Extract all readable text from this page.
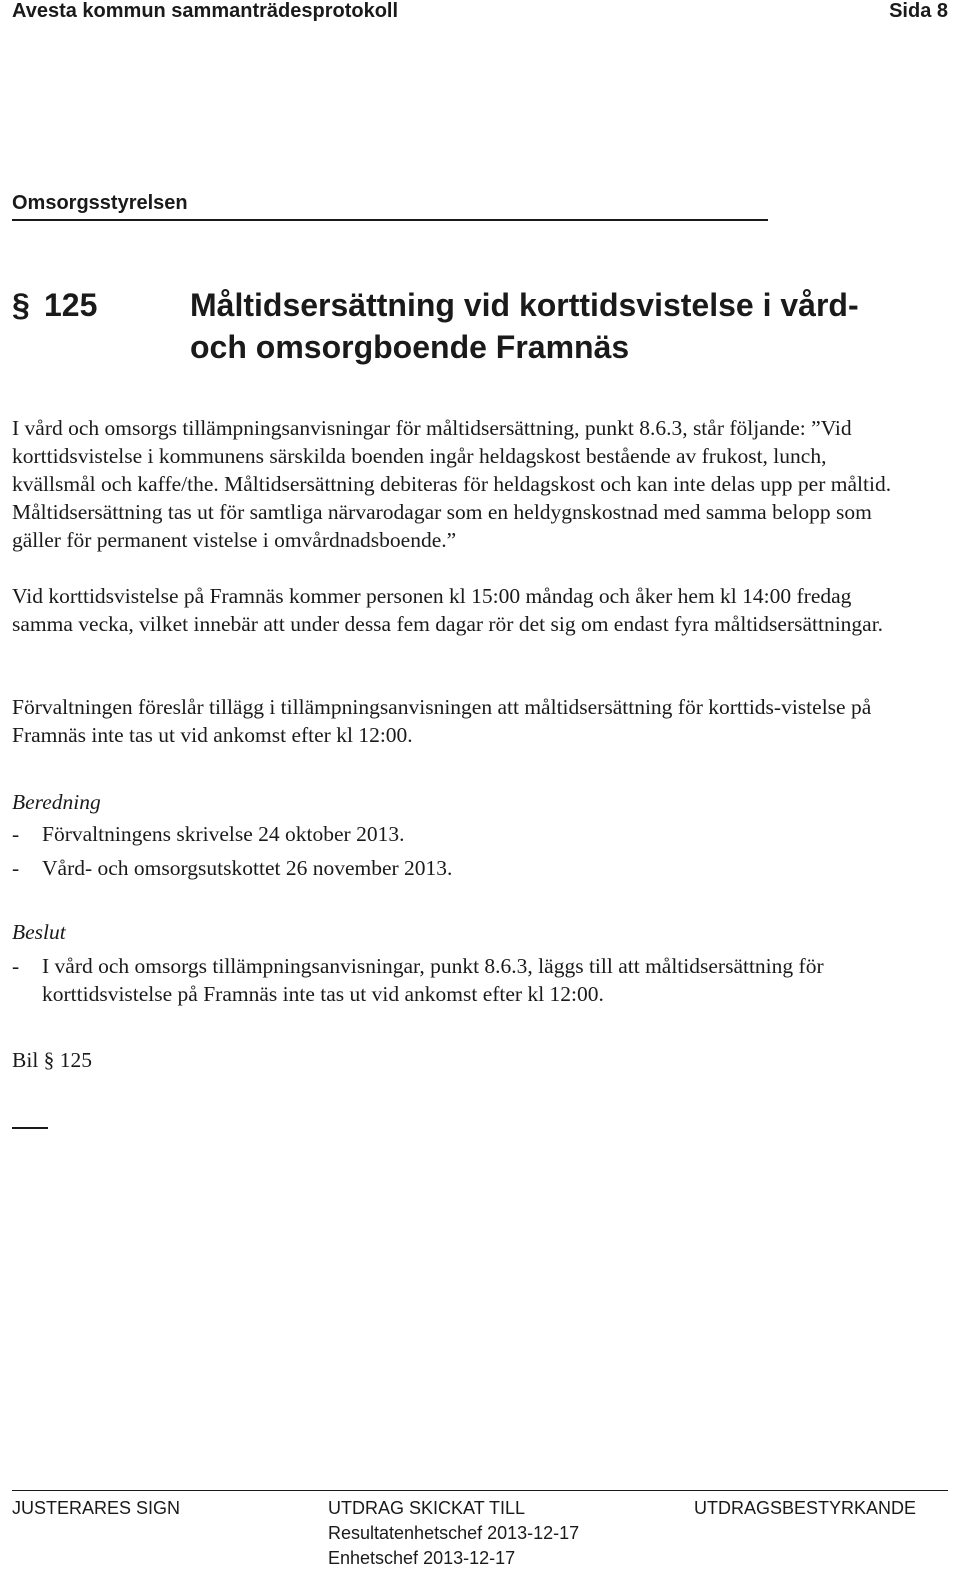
Avesta kommun sammanträdesprotokoll	Sida 8
Omsorgsstyrelsen
§ 125	Måltidsersättning vid korttidsvistelse i vård-
och omsorgboende Framnäs
I vård och omsorgs tillämpningsanvisningar för måltidsersättning, punkt 8.6.3, står följande: ”Vid korttidsvistelse i kommunens särskilda boenden ingår heldagskost bestående av frukost, lunch, kvällsmål och kaffe/the. Måltidsersättning debiteras för heldagskost och kan inte delas upp per måltid. Måltidsersättning tas ut för samtliga närvarodagar som en heldygnskostnad med samma belopp som gäller för permanent vistelse i omvårdnadsboende.”
Vid korttidsvistelse på Framnäs kommer personen kl 15:00 måndag och åker hem kl 14:00 fredag samma vecka, vilket innebär att under dessa fem dagar rör det sig om endast fyra måltidsersättningar.
Förvaltningen föreslår tillägg i tillämpningsanvisningen att måltidsersättning för korttids-vistelse på Framnäs inte tas ut vid ankomst efter kl 12:00.
Beredning
- Förvaltningens skrivelse 24 oktober 2013.
- Vård- och omsorgsutskottet 26 november 2013.
Beslut
- I vård och omsorgs tillämpningsanvisningar, punkt 8.6.3, läggs till att måltidsersättning för korttidsvistelse på Framnäs inte tas ut vid ankomst efter kl 12:00.
Bil § 125
JUSTERARES SIGN	UTDRAG SKICKAT TILL
Resultatenhetschef 2013-12-17
Enhetschef 2013-12-17
UTDRAGSBESTYRKANDE
